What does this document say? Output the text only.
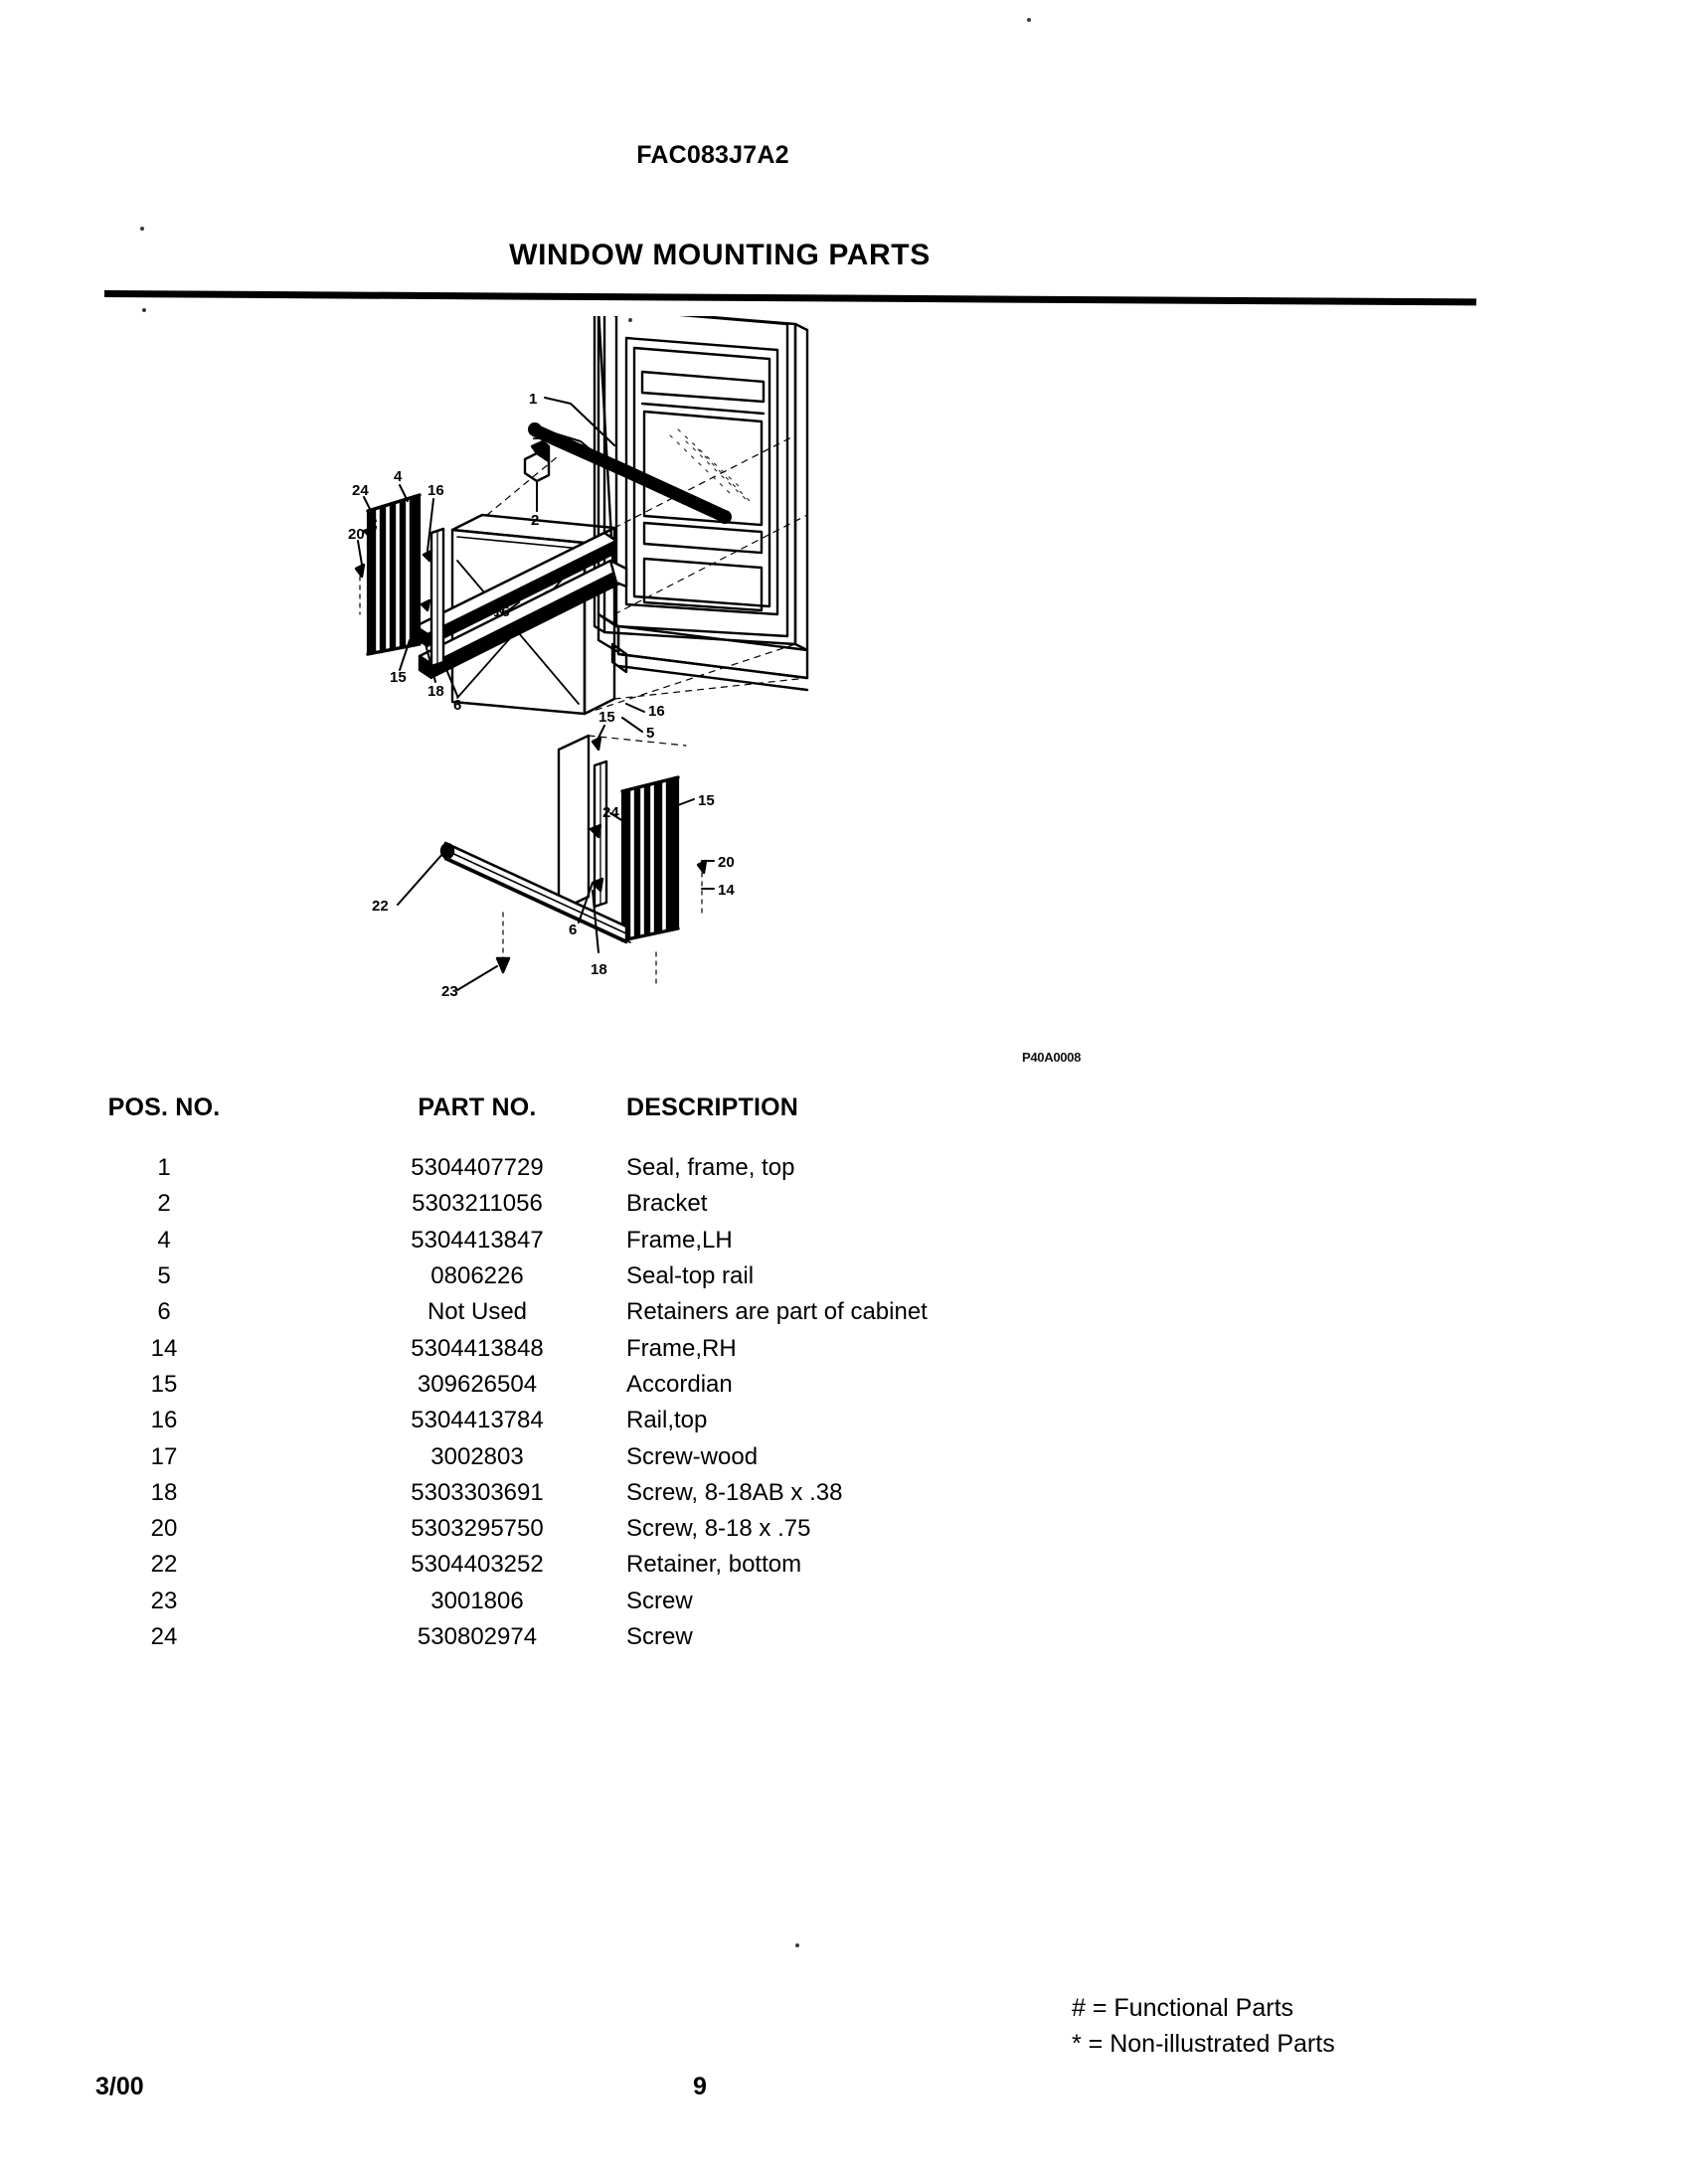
FAC083J7A2
WINDOW MOUNTING PARTS
1
17
2
4
24
20
16
15
18
6
16
16
5
15
24
6
18
15
20
14
22
23
P40A0008
POS. NO.	PART NO.	DESCRIPTION
1	5304407729	Seal, frame, top
2	5303211056	Bracket
4	5304413847	Frame,LH
5	0806226	Seal-top rail
6	Not Used	Retainers are part of cabinet
14	5304413848	Frame,RH
15	309626504	Accordian
16	5304413784	Rail,top
17	3002803	Screw-wood
18	5303303691	Screw, 8-18AB x .38
20	5303295750	Screw, 8-18 x .75
22	5304403252	Retainer, bottom
23	3001806	Screw
24	530802974	Screw
# = Functional Parts
* = Non-illustrated Parts
3/00	9
